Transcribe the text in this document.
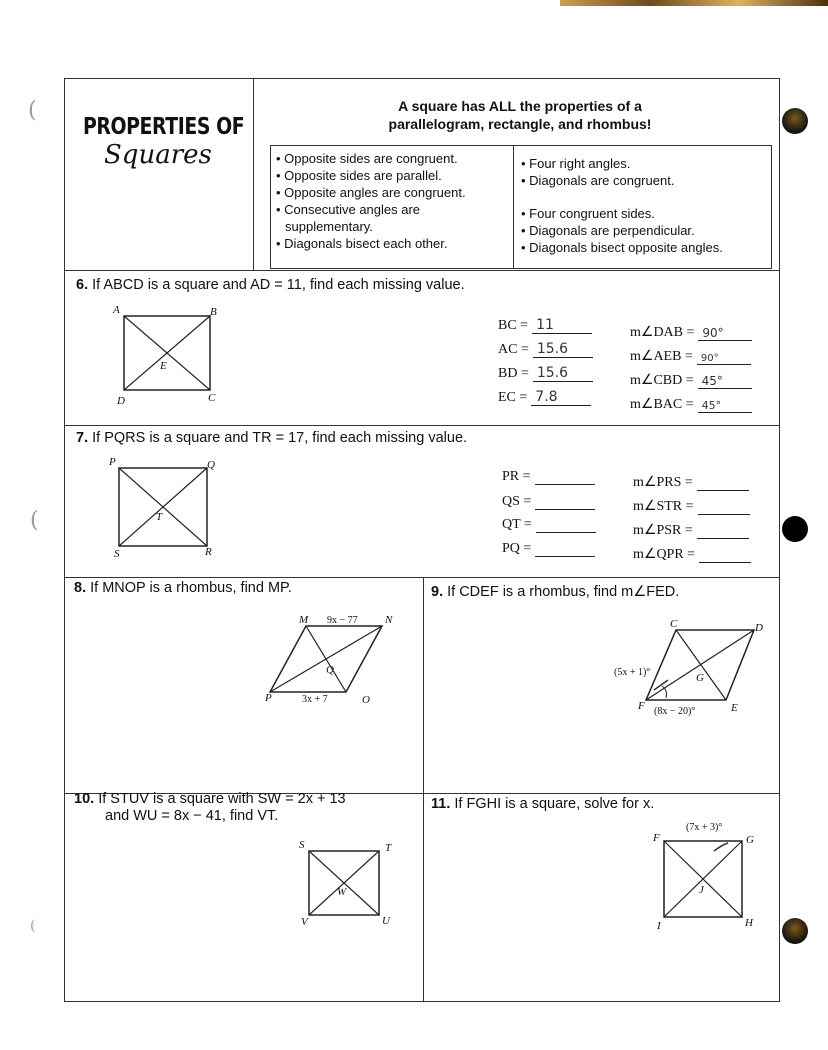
(
(
(
PROPERTIES OF
Squares
A square has ALL the properties of a parallelogram, rectangle, and rhombus!
• Opposite sides are congruent.
• Opposite sides are parallel.
• Opposite angles are congruent.
• Consecutive angles are
supplementary.
• Diagonals bisect each other.
• Four right angles.
• Diagonals are congruent.
• Four congruent sides.
• Diagonals are perpendicular.
• Diagonals bisect opposite angles.
6. If ABCD is a square and AD = 11, find each missing value.
A	B
C
D
E
BC = 11
AC = 15.6
BD = 15.6
EC = 7.8
m∠DAB = 90°
m∠AEB = 90°
m∠CBD = 45°
m∠BAC = 45°
7. If PQRS is a square and TR = 17, find each missing value.
P	Q
R
S
T
PR =
QS =
QT =
PQ =
m∠PRS =
m∠STR =
m∠PSR =
m∠QPR =
8. If MNOP is a rhombus, find MP.
M	N
O
P
Q
9x − 77
3x + 7
9. If CDEF is a rhombus, find m∠FED.
C	D
E
F
G
(5x + 1)°
(8x − 20)°
10. If STUV is a square with SW = 2x + 13
and WU = 8x − 41, find VT.
S	T
U
V
W
11. If FGHI is a square, solve for x.
F	G
H
I
J
(7x + 3)°
